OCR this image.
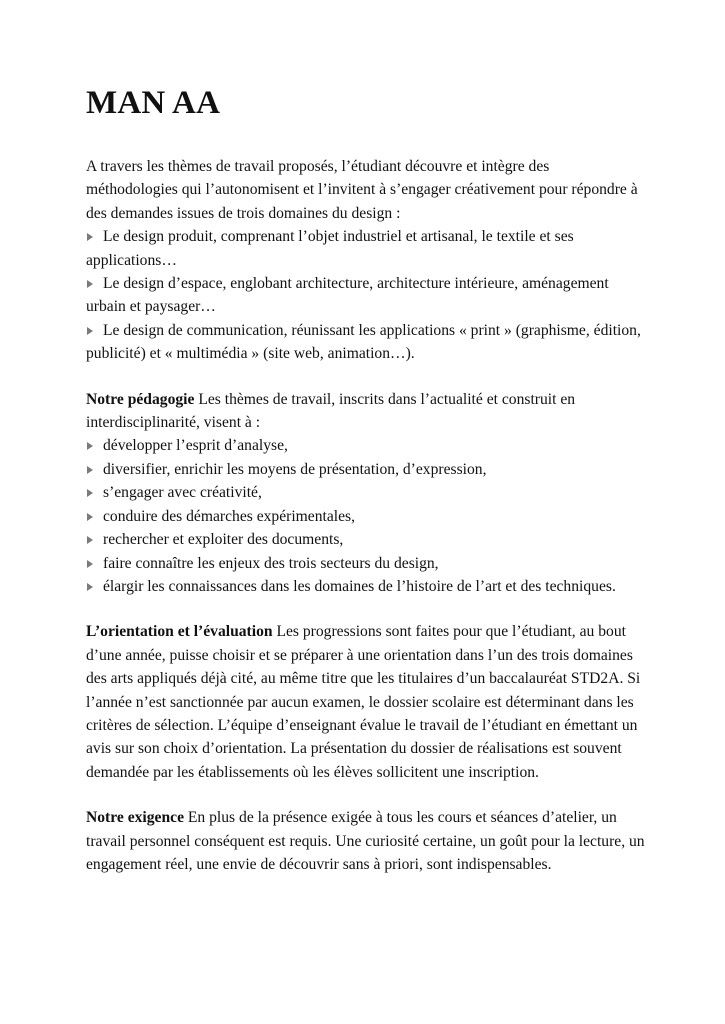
MAN AA

A travers les thèmes de travail proposés, l’étudiant découvre et intègre des méthodologies qui l’autonomisent et l’invitent à s’engager créativement pour répondre à des demandes issues de trois domaines du design :

Le design produit, comprenant l’objet industriel et artisanal, le textile et ses applications…

Le design d’espace, englobant architecture, architecture intérieure, aménagement urbain et paysager…

Le design de communication, réunissant les applications « print » (graphisme, édition, publicité) et « multimédia » (site web, animation…).

Notre pédagogie Les thèmes de travail, inscrits dans l’actualité et construit en interdisciplinarité, visent à :

développer l’esprit d’analyse,

diversifier, enrichir les moyens de présentation, d’expression,

s’engager avec créativité,

conduire des démarches expérimentales,

rechercher et exploiter des documents,

faire connaître les enjeux des trois secteurs du design,

élargir les connaissances dans les domaines de l’histoire de l’art et des techniques.

L’orientation et l’évaluation Les progressions sont faites pour que l’étudiant, au bout d’une année, puisse choisir et se préparer à une orientation dans l’un des trois domaines des arts appliqués déjà cité, au même titre que les titulaires d’un baccalauréat STD2A. Si l’année n’est sanctionnée par aucun examen, le dossier scolaire est déterminant dans les critères de sélection. L’équipe d’enseignant évalue le travail de l’étudiant en émettant un avis sur son choix d’orientation. La présentation du dossier de réalisations est souvent demandée par les établissements où les élèves sollicitent une inscription.

Notre exigence En plus de la présence exigée à tous les cours et séances d’atelier, un travail personnel conséquent est requis. Une curiosité certaine, un goût pour la lecture, un engagement réel, une envie de découvrir sans à priori, sont indispensables.
